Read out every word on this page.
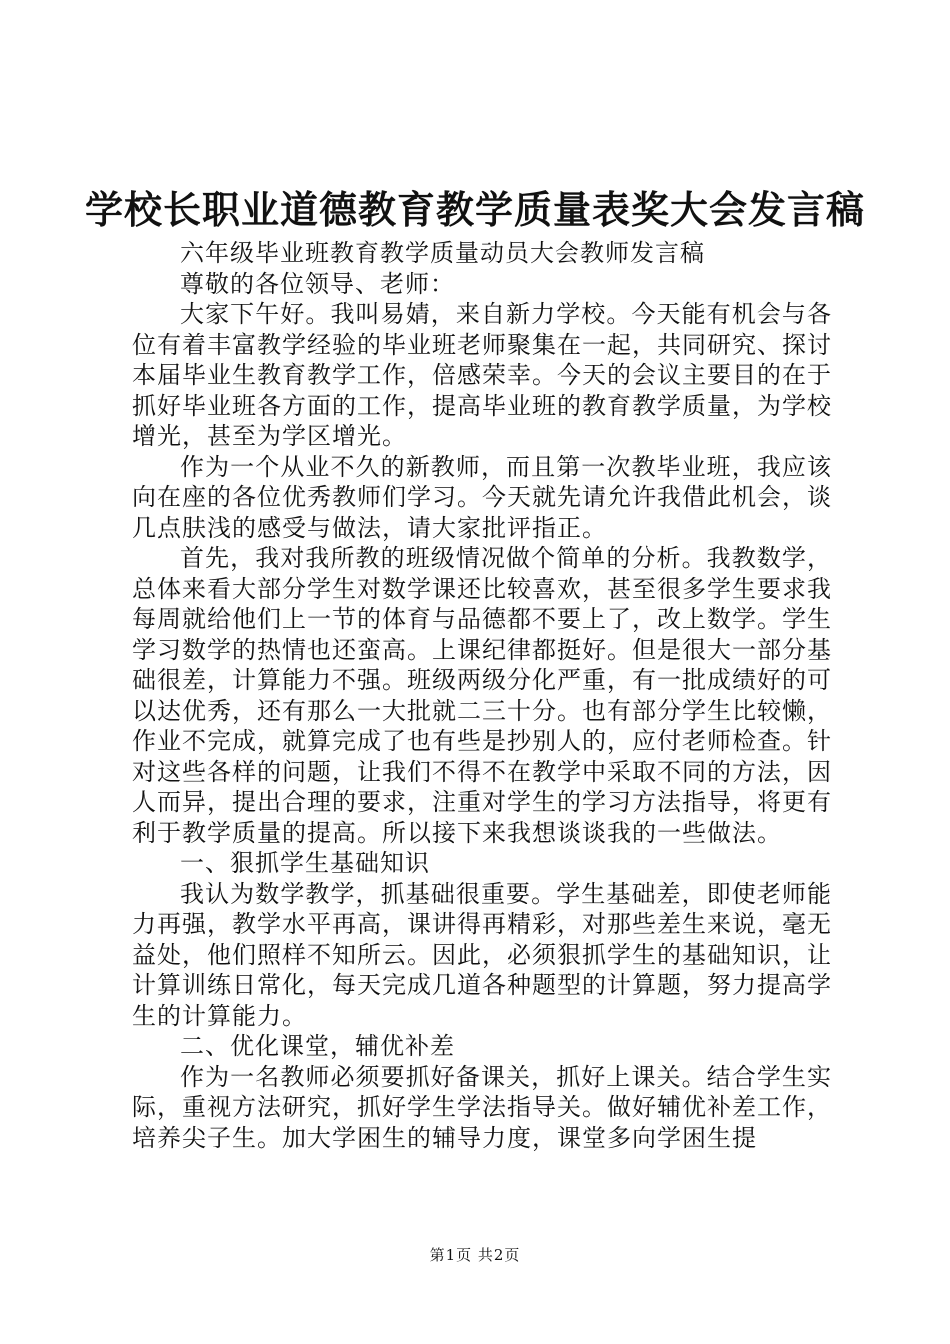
学校长职业道德教育教学质量表奖大会发言稿

六年级毕业班教育教学质量动员大会教师发言稿

尊敬的各位领导、老师：

大家下午好。我叫易婧，来自新力学校。今天能有机会与各位有着丰富教学经验的毕业班老师聚集在一起，共同研究、探讨本届毕业生教育教学工作，倍感荣幸。今天的会议主要目的在于抓好毕业班各方面的工作，提高毕业班的教育教学质量，为学校增光，甚至为学区增光。

作为一个从业不久的新教师，而且第一次教毕业班，我应该向在座的各位优秀教师们学习。今天就先请允许我借此机会，谈几点肤浅的感受与做法，请大家批评指正。

首先，我对我所教的班级情况做个简单的分析。我教数学，总体来看大部分学生对数学课还比较喜欢，甚至很多学生要求我每周就给他们上一节的体育与品德都不要上了，改上数学。学生学习数学的热情也还蛮高。上课纪律都挺好。但是很大一部分基础很差，计算能力不强。班级两级分化严重，有一批成绩好的可以达优秀，还有那么一大批就二三十分。也有部分学生比较懒，作业不完成，就算完成了也有些是抄别人的，应付老师检查。针对这些各样的问题，让我们不得不在教学中采取不同的方法，因人而异，提出合理的要求，注重对学生的学习方法指导，将更有利于教学质量的提高。所以接下来我想谈谈我的一些做法。

一、狠抓学生基础知识

我认为数学教学，抓基础很重要。学生基础差，即使老师能力再强，教学水平再高，课讲得再精彩，对那些差生来说，毫无益处，他们照样不知所云。因此，必须狠抓学生的基础知识，让计算训练日常化，每天完成几道各种题型的计算题，努力提高学生的计算能力。

二、优化课堂，辅优补差

作为一名教师必须要抓好备课关，抓好上课关。结合学生实际，重视方法研究，抓好学生学法指导关。做好辅优补差工作，培养尖子生。加大学困生的辅导力度，课堂多向学困生提

第1页 共2页
